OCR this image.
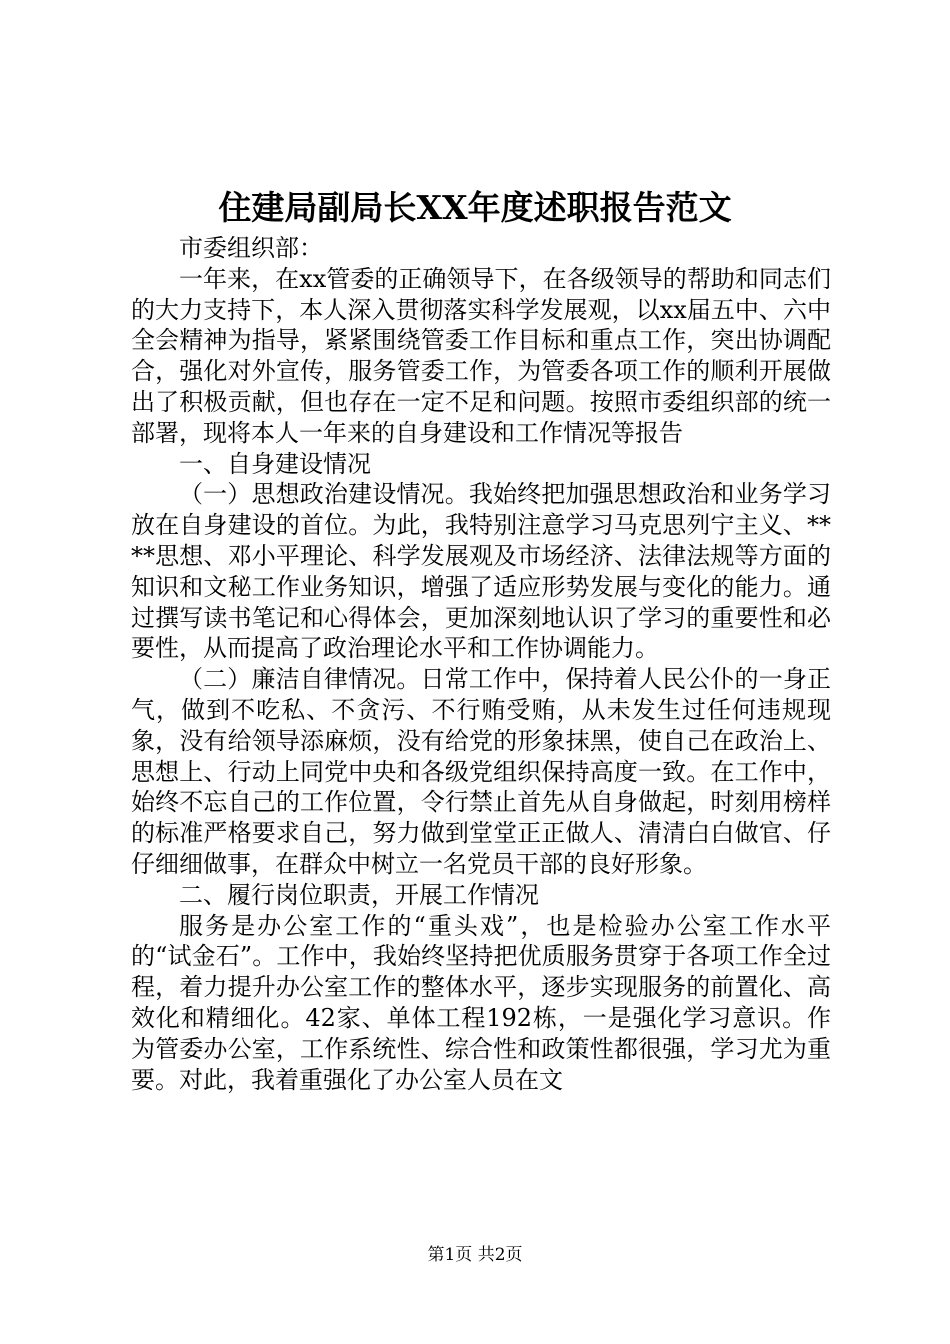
住建局副局长XX年度述职报告范文

市委组织部：

一年来，在xx管委的正确领导下，在各级领导的帮助和同志们的大力支持下，本人深入贯彻落实科学发展观，以xx届五中、六中全会精神为指导，紧紧围绕管委工作目标和重点工作，突出协调配合，强化对外宣传，服务管委工作，为管委各项工作的顺利开展做出了积极贡献，但也存在一定不足和问题。按照市委组织部的统一部署，现将本人一年来的自身建设和工作情况等报告

一、自身建设情况

（一）思想政治建设情况。我始终把加强思想政治和业务学习放在自身建设的首位。为此，我特别注意学习马克思列宁主义、****思想、邓小平理论、科学发展观及市场经济、法律法规等方面的知识和文秘工作业务知识，增强了适应形势发展与变化的能力。通过撰写读书笔记和心得体会，更加深刻地认识了学习的重要性和必要性，从而提高了政治理论水平和工作协调能力。

（二）廉洁自律情况。日常工作中，保持着人民公仆的一身正气，做到不吃私、不贪污、不行贿受贿，从未发生过任何违规现象，没有给领导添麻烦，没有给党的形象抹黑，使自己在政治上、思想上、行动上同党中央和各级党组织保持高度一致。在工作中，始终不忘自己的工作位置，令行禁止首先从自身做起，时刻用榜样的标准严格要求自己，努力做到堂堂正正做人、清清白白做官、仔仔细细做事，在群众中树立一名党员干部的良好形象。

二、履行岗位职责，开展工作情况

服务是办公室工作的“重头戏”，也是检验办公室工作水平的“试金石”。工作中，我始终坚持把优质服务贯穿于各项工作全过程，着力提升办公室工作的整体水平，逐步实现服务的前置化、高效化和精细化。42家、单体工程192栋，一是强化学习意识。作为管委办公室，工作系统性、综合性和政策性都很强，学习尤为重要。对此，我着重强化了办公室人员在文

第1页 共2页
